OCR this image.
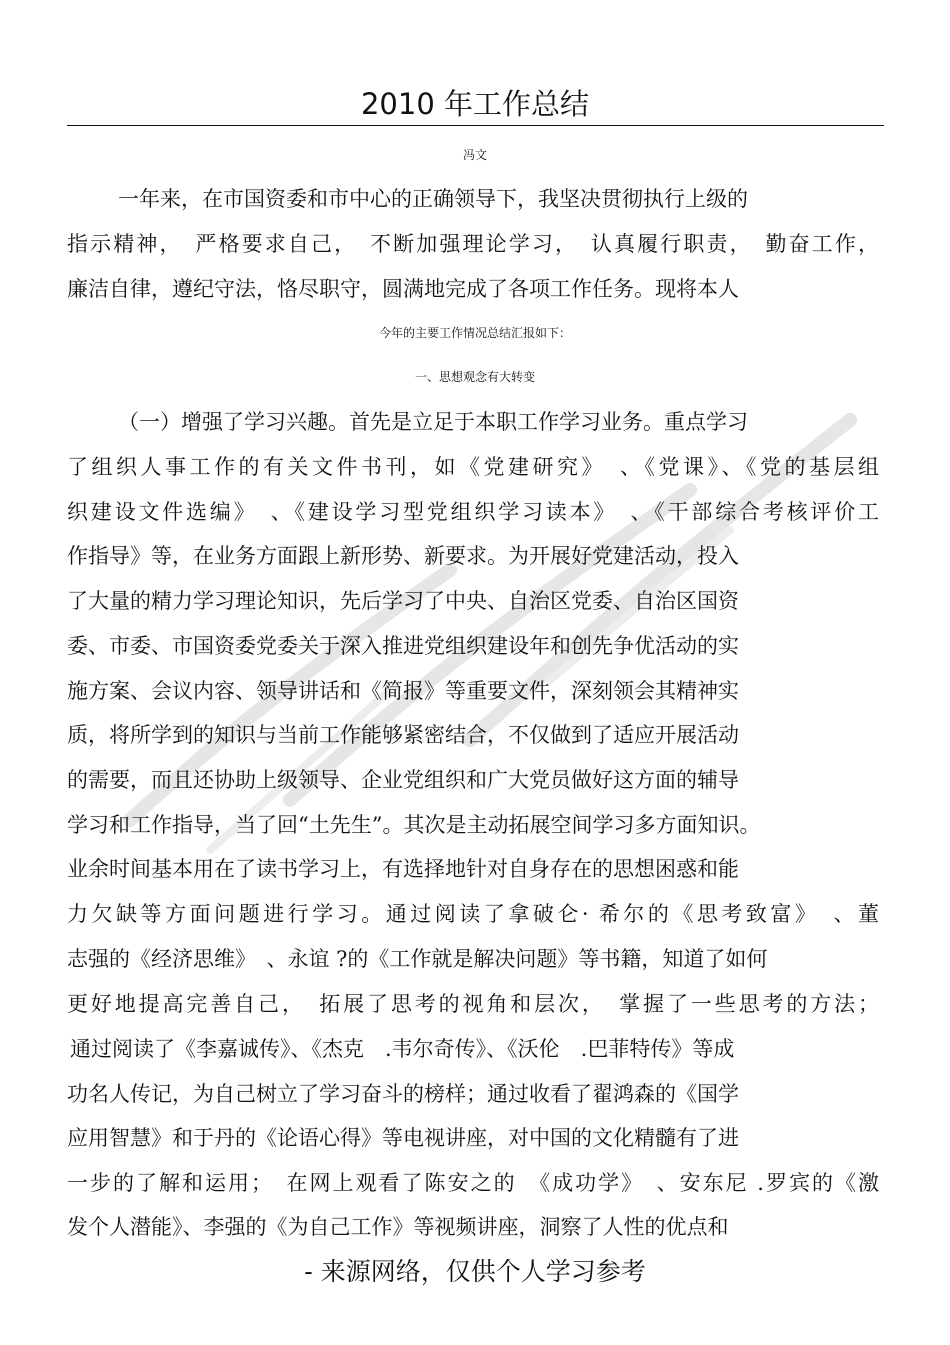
2010 年工作总结
冯文
一年来，在市国资委和市中心的正确领导下，我坚决贯彻执行上级的
指示精神，　严格要求自己，　不断加强理论学习，　认真履行职责，　勤奋工作，
廉洁自律，遵纪守法，恪尽职守，圆满地完成了各项工作任务。现将本人
今年的主要工作情况总结汇报如下：
一、思想观念有大转变
（一）增强了学习兴趣。首先是立足于本职工作学习业务。重点学习
了组织人事工作的有关文件书刊，如《党建研究》　、《党课》、《党的基层组
织建设文件选编》　、《建设学习型党组织学习读本》　、《干部综合考核评价工
作指导》等，在业务方面跟上新形势、新要求。为开展好党建活动，投入
了大量的精力学习理论知识，先后学习了中央、自治区党委、自治区国资
委、市委、市国资委党委关于深入推进党组织建设年和创先争优活动的实
施方案、会议内容、领导讲话和《简报》等重要文件，深刻领会其精神实
质，将所学到的知识与当前工作能够紧密结合，不仅做到了适应开展活动
的需要，而且还协助上级领导、企业党组织和广大党员做好这方面的辅导
学习和工作指导，当了回“土先生”。其次是主动拓展空间学习多方面知识。
业余时间基本用在了读书学习上，有选择地针对自身存在的思想困惑和能
力欠缺等方面问题进行学习。通过阅读了拿破仑· 希尔的《思考致富》　、董
志强的《经济思维》　、永谊 ?的《工作就是解决问题》等书籍，知道了如何
更好地提高完善自己，　拓展了思考的视角和层次，　掌握了一些思考的方法；
通过阅读了《李嘉诚传》、《杰克　.韦尔奇传》、《沃伦　.巴菲特传》等成
功名人传记，为自己树立了学习奋斗的榜样；通过收看了翟鸿森的《国学
应用智慧》和于丹的《论语心得》等电视讲座，对中国的文化精髓有了进
一步的了解和运用；　在网上观看了陈安之的　《成功学》　、安东尼 .罗宾的《激
发个人潜能》、李强的《为自己工作》等视频讲座，洞察了人性的优点和
- 来源网络，仅供个人学习参考
